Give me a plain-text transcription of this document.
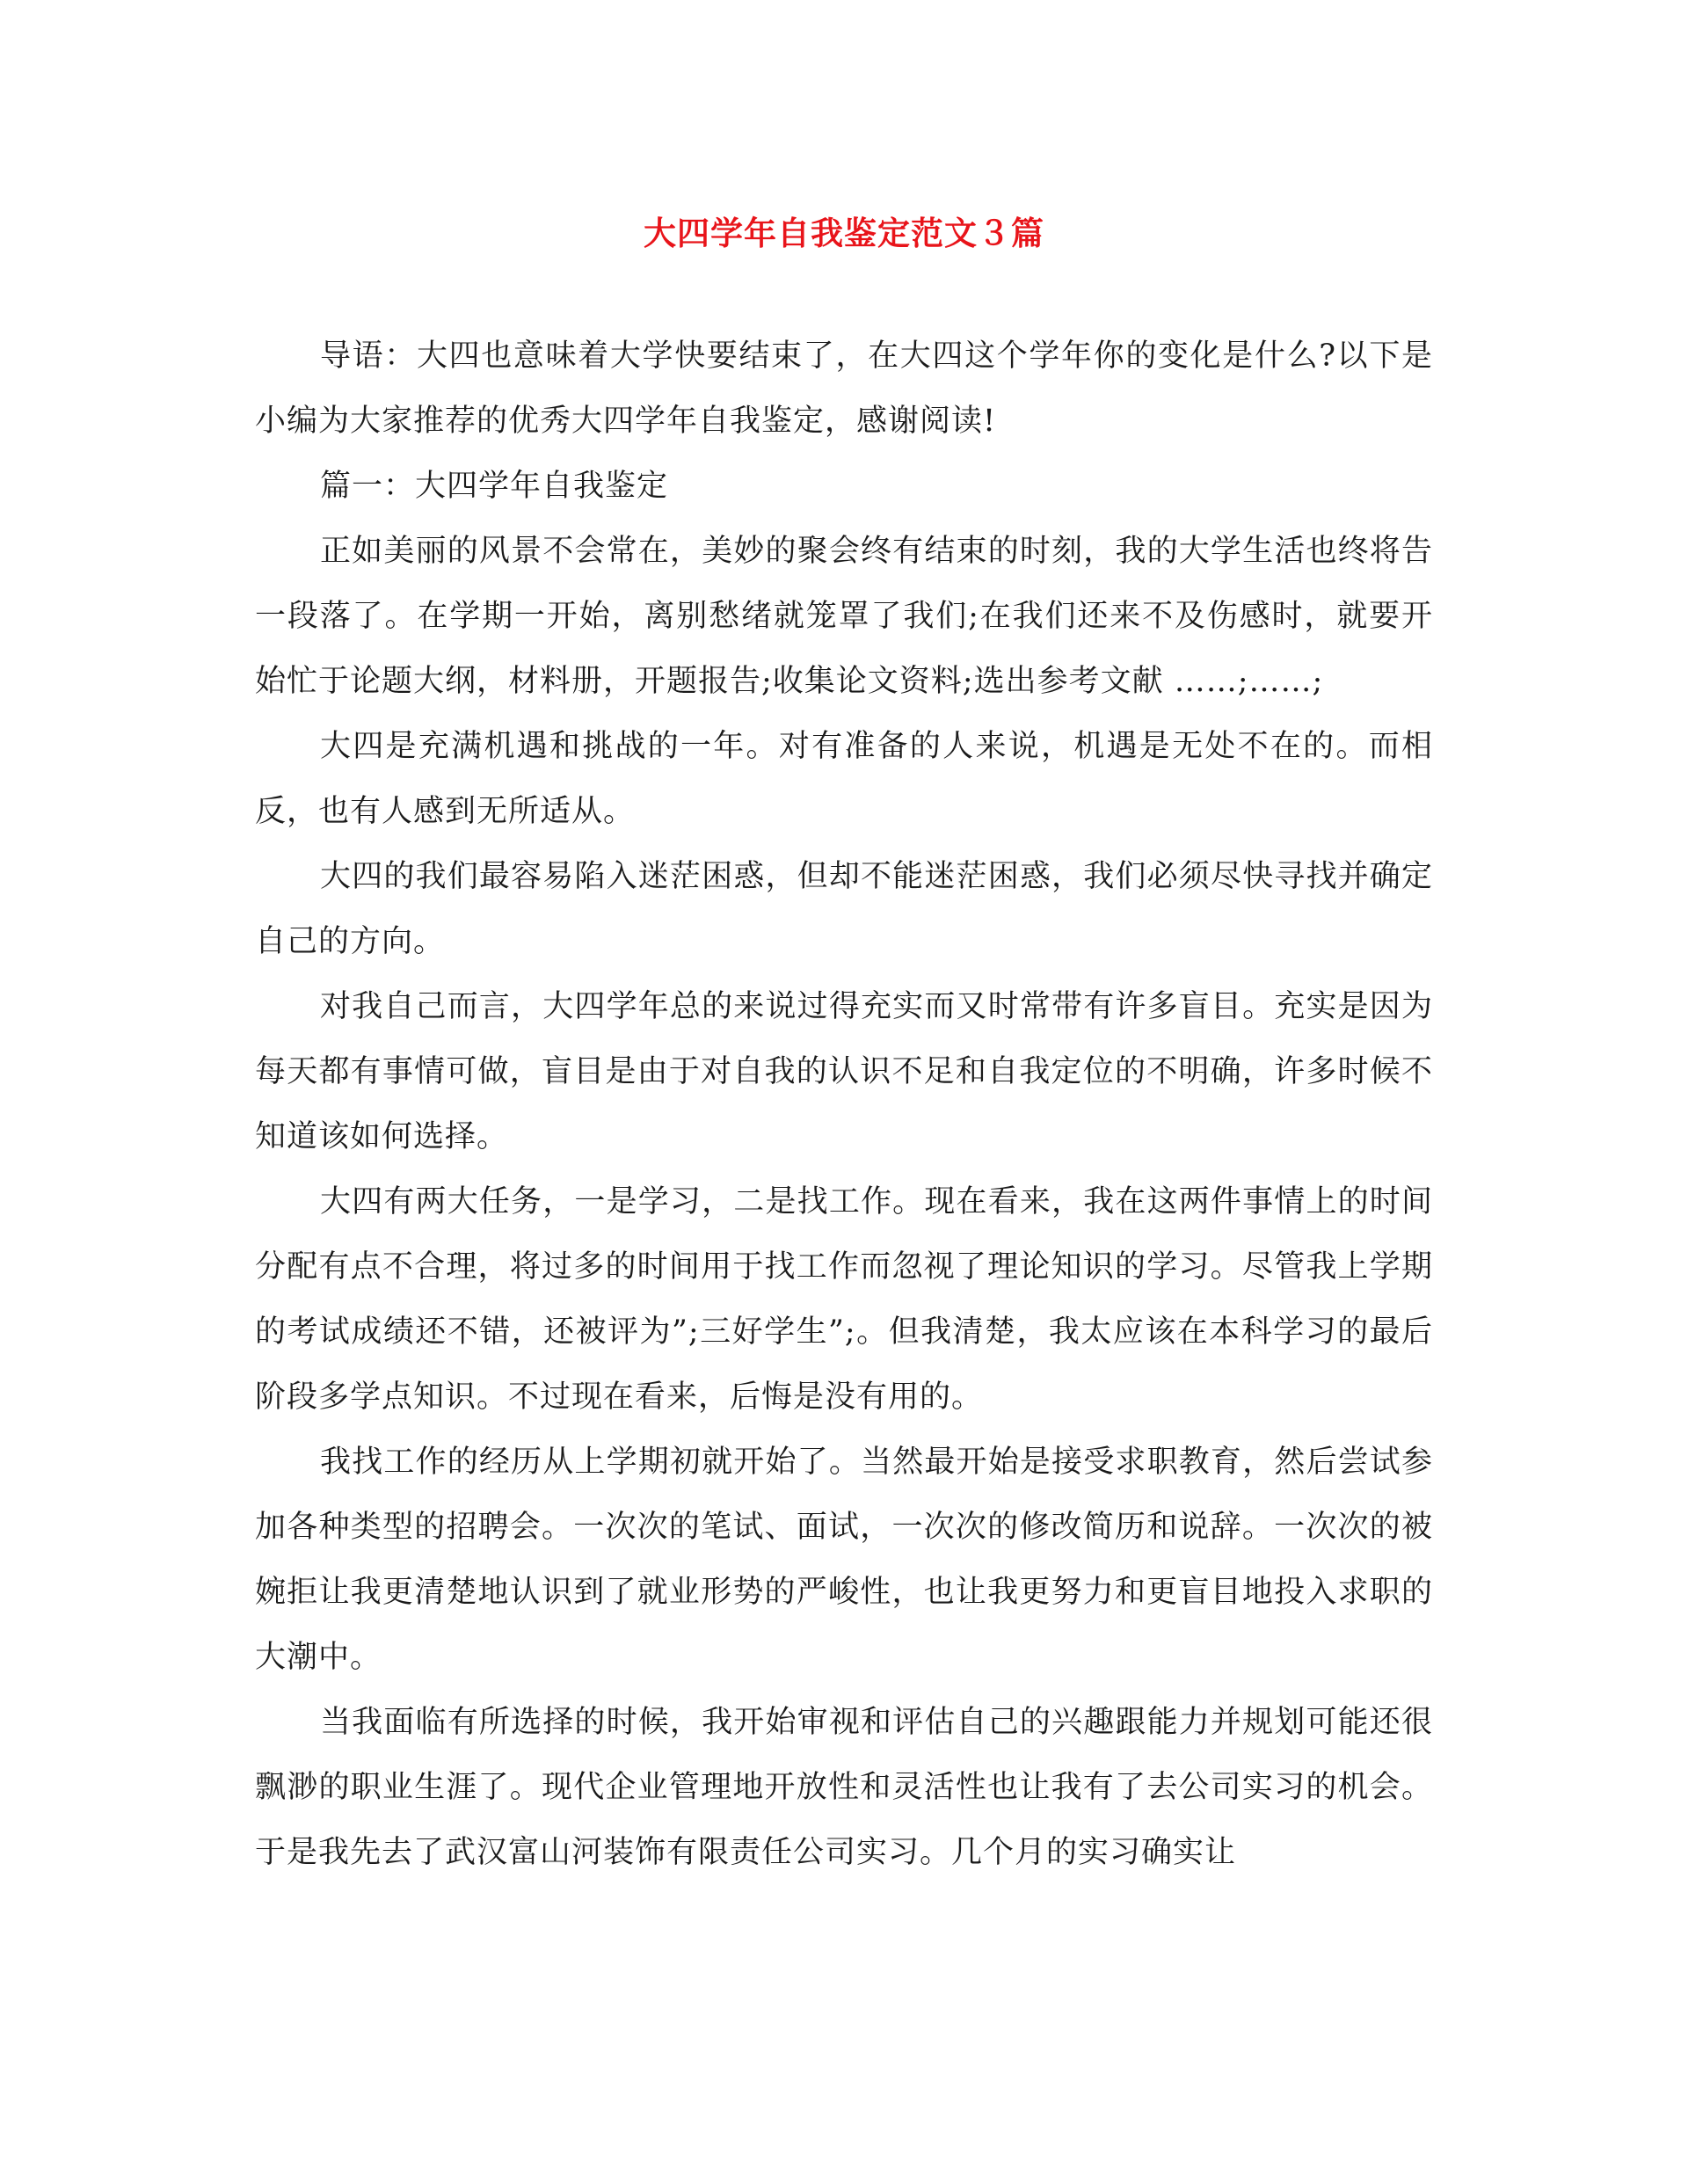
大四学年自我鉴定范文３篇

导语：大四也意味着大学快要结束了，在大四这个学年你的变化是什么?以下是小编为大家推荐的优秀大四学年自我鉴定，感谢阅读!

篇一：大四学年自我鉴定

正如美丽的风景不会常在，美妙的聚会终有结束的时刻，我的大学生活也终将告一段落了。在学期一开始，离别愁绪就笼罩了我们;在我们还来不及伤感时，就要开始忙于论题大纲，材料册，开题报告;收集论文资料;选出参考文献 ……;……;

大四是充满机遇和挑战的一年。对有准备的人来说，机遇是无处不在的。而相反，也有人感到无所适从。

大四的我们最容易陷入迷茫困惑，但却不能迷茫困惑，我们必须尽快寻找并确定自己的方向。

对我自己而言，大四学年总的来说过得充实而又时常带有许多盲目。充实是因为每天都有事情可做，盲目是由于对自我的认识不足和自我定位的不明确，许多时候不知道该如何选择。

大四有两大任务，一是学习，二是找工作。现在看来，我在这两件事情上的时间分配有点不合理，将过多的时间用于找工作而忽视了理论知识的学习。尽管我上学期的考试成绩还不错，还被评为”;三好学生”;。但我清楚，我太应该在本科学习的最后阶段多学点知识。不过现在看来，后悔是没有用的。

我找工作的经历从上学期初就开始了。当然最开始是接受求职教育，然后尝试参加各种类型的招聘会。一次次的笔试、面试，一次次的修改简历和说辞。一次次的被婉拒让我更清楚地认识到了就业形势的严峻性，也让我更努力和更盲目地投入求职的大潮中。

当我面临有所选择的时候，我开始审视和评估自己的兴趣跟能力并规划可能还很飘渺的职业生涯了。现代企业管理地开放性和灵活性也让我有了去公司实习的机会。于是我先去了武汉富山河装饰有限责任公司实习。几个月的实习确实让
